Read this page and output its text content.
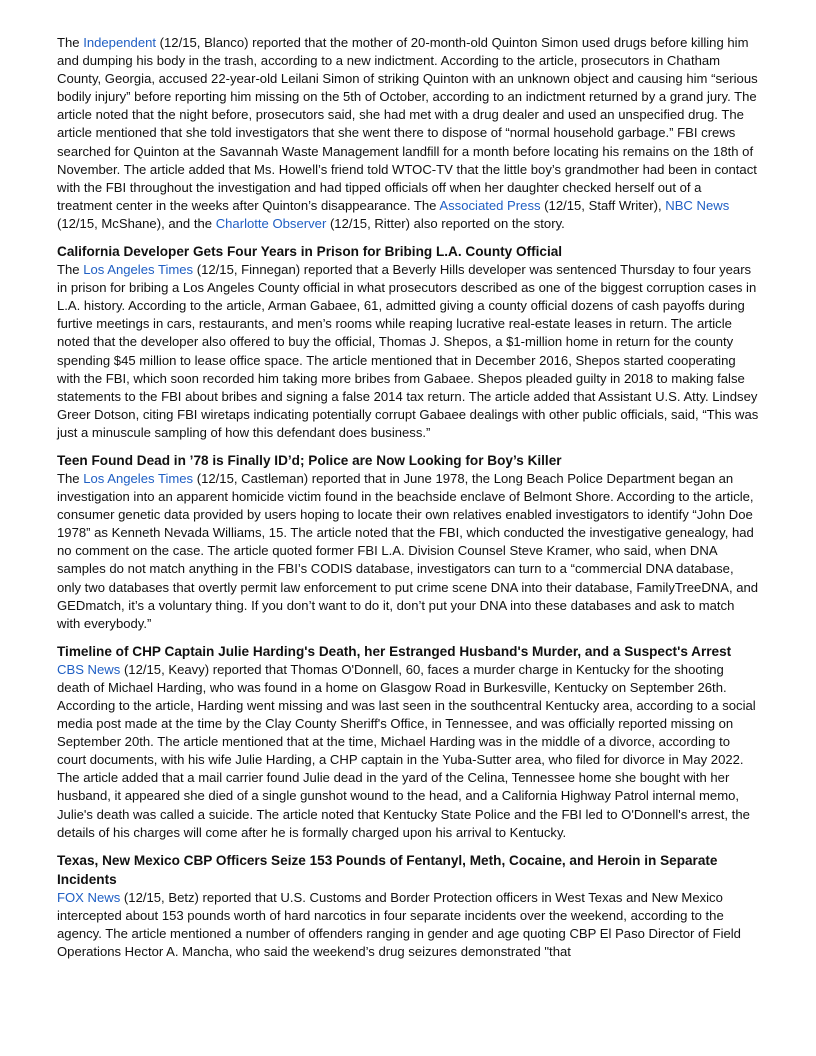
The Independent (12/15, Blanco) reported that the mother of 20-month-old Quinton Simon used drugs before killing him and dumping his body in the trash, according to a new indictment. According to the article, prosecutors in Chatham County, Georgia, accused 22-year-old Leilani Simon of striking Quinton with an unknown object and causing him “serious bodily injury” before reporting him missing on the 5th of October, according to an indictment returned by a grand jury. The article noted that the night before, prosecutors said, she had met with a drug dealer and used an unspecified drug. The article mentioned that she told investigators that she went there to dispose of “normal household garbage.” FBI crews searched for Quinton at the Savannah Waste Management landfill for a month before locating his remains on the 18th of November. The article added that Ms. Howell’s friend told WTOC-TV that the little boy’s grandmother had been in contact with the FBI throughout the investigation and had tipped officials off when her daughter checked herself out of a treatment center in the weeks after Quinton’s disappearance. The Associated Press (12/15, Staff Writer), NBC News (12/15, McShane), and the Charlotte Observer (12/15, Ritter) also reported on the story.

California Developer Gets Four Years in Prison for Bribing L.A. County Official

The Los Angeles Times (12/15, Finnegan) reported that a Beverly Hills developer was sentenced Thursday to four years in prison for bribing a Los Angeles County official in what prosecutors described as one of the biggest corruption cases in L.A. history. According to the article, Arman Gabaee, 61, admitted giving a county official dozens of cash payoffs during furtive meetings in cars, restaurants, and men’s rooms while reaping lucrative real-estate leases in return. The article noted that the developer also offered to buy the official, Thomas J. Shepos, a $1-million home in return for the county spending $45 million to lease office space. The article mentioned that in December 2016, Shepos started cooperating with the FBI, which soon recorded him taking more bribes from Gabaee. Shepos pleaded guilty in 2018 to making false statements to the FBI about bribes and signing a false 2014 tax return. The article added that Assistant U.S. Atty. Lindsey Greer Dotson, citing FBI wiretaps indicating potentially corrupt Gabaee dealings with other public officials, said, “This was just a minuscule sampling of how this defendant does business.”

Teen Found Dead in ’78 is Finally ID’d; Police are Now Looking for Boy’s Killer

The Los Angeles Times (12/15, Castleman) reported that in June 1978, the Long Beach Police Department began an investigation into an apparent homicide victim found in the beachside enclave of Belmont Shore. According to the article, consumer genetic data provided by users hoping to locate their own relatives enabled investigators to identify “John Doe 1978” as Kenneth Nevada Williams, 15. The article noted that the FBI, which conducted the investigative genealogy, had no comment on the case. The article quoted former FBI L.A. Division Counsel Steve Kramer, who said, when DNA samples do not match anything in the FBI’s CODIS database, investigators can turn to a “commercial DNA database, only two databases that overtly permit law enforcement to put crime scene DNA into their database, FamilyTreeDNA, and GEDmatch, it’s a voluntary thing. If you don’t want to do it, don’t put your DNA into these databases and ask to match with everybody.”

Timeline of CHP Captain Julie Harding's Death, her Estranged Husband's Murder, and a Suspect's Arrest

CBS News (12/15, Keavy) reported that Thomas O'Donnell, 60, faces a murder charge in Kentucky for the shooting death of Michael Harding, who was found in a home on Glasgow Road in Burkesville, Kentucky on September 26th. According to the article, Harding went missing and was last seen in the southcentral Kentucky area, according to a social media post made at the time by the Clay County Sheriff's Office, in Tennessee, and was officially reported missing on September 20th. The article mentioned that at the time, Michael Harding was in the middle of a divorce, according to court documents, with his wife Julie Harding, a CHP captain in the Yuba-Sutter area, who filed for divorce in May 2022. The article added that a mail carrier found Julie dead in the yard of the Celina, Tennessee home she bought with her husband, it appeared she died of a single gunshot wound to the head, and a California Highway Patrol internal memo, Julie's death was called a suicide. The article noted that Kentucky State Police and the FBI led to O'Donnell's arrest, the details of his charges will come after he is formally charged upon his arrival to Kentucky.

Texas, New Mexico CBP Officers Seize 153 Pounds of Fentanyl, Meth, Cocaine, and Heroin in Separate Incidents

FOX News (12/15, Betz) reported that U.S. Customs and Border Protection officers in West Texas and New Mexico intercepted about 153 pounds worth of hard narcotics in four separate incidents over the weekend, according to the agency. The article mentioned a number of offenders ranging in gender and age quoting CBP El Paso Director of Field Operations Hector A. Mancha, who said the weekend’s drug seizures demonstrated "that
